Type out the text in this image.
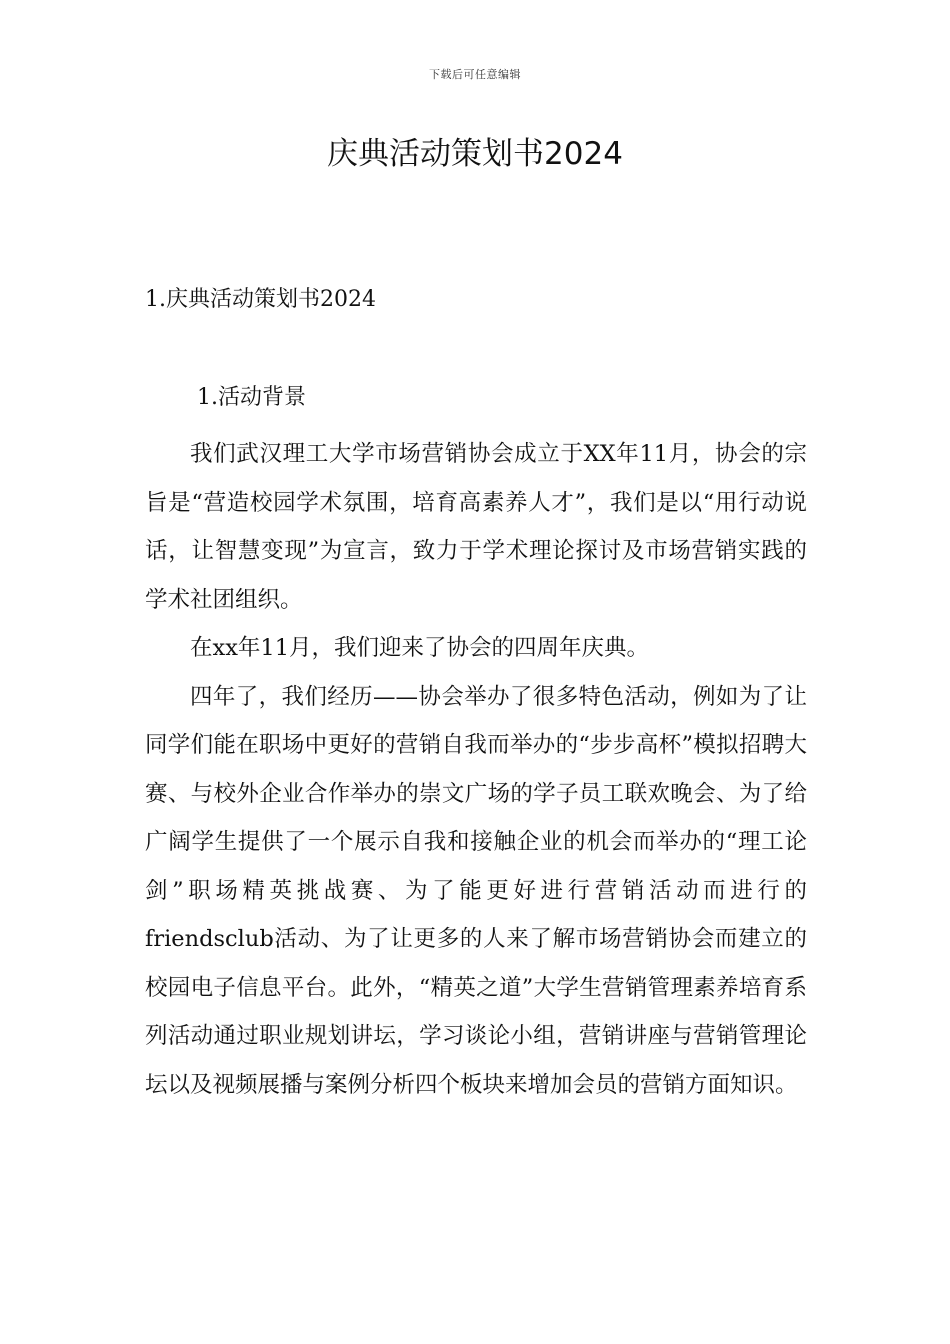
下载后可任意编辑
庆典活动策划书2024
1.庆典活动策划书2024
1.活动背景

我们武汉理工大学市场营销协会成立于XX年11月，协会的宗旨是“营造校园学术氛围，培育高素养人才”，我们是以“用行动说话，让智慧变现”为宣言，致力于学术理论探讨及市场营销实践的学术社团组织。

在xx年11月，我们迎来了协会的四周年庆典。

四年了，我们经历——协会举办了很多特色活动，例如为了让同学们能在职场中更好的营销自我而举办的“步步高杯”模拟招聘大赛、与校外企业合作举办的崇文广场的学子员工联欢晚会、为了给广阔学生提供了一个展示自我和接触企业的机会而举办的“理工论剑”职场精英挑战赛、为了能更好进行营销活动而进行的friendsclub活动、为了让更多的人来了解市场营销协会而建立的校园电子信息平台。此外，“精英之道”大学生营销管理素养培育系列活动通过职业规划讲坛，学习谈论小组，营销讲座与营销管理论坛以及视频展播与案例分析四个板块来增加会员的营销方面知识。
